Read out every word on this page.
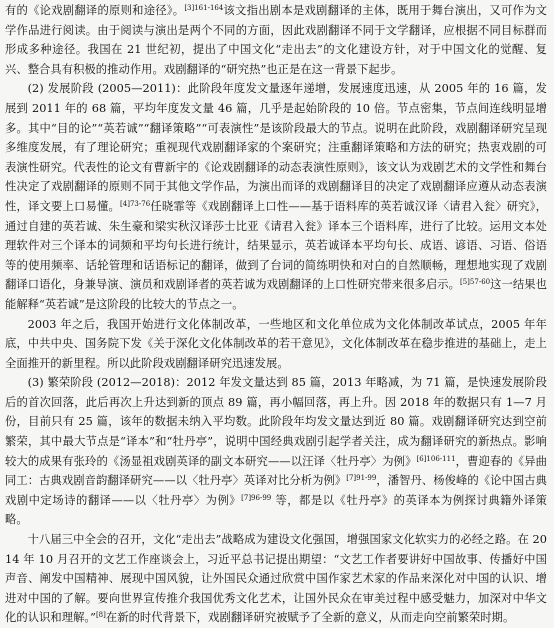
有的《论戏剧翻译的原则和途径》。$^{[3]161-164}$该文指出剧本是戏剧翻译的主体，既用于舞台演出，又可作为文学作品进行阅读。由于阅读与演出是两个不同的方面，因此戏剧翻译不同于文学翻译，应根据不同目标群而形成多种途径。我国在 21 世纪初，提出了中国文化“走出去”的文化建设方针，对于中国文化的觉醒、复兴、整合具有积极的推动作用。戏剧翻译的“研究热”也正是在这一背景下起步。

(2) 发展阶段 (2005—2011)：此阶段年度发文量逐年递增，发展速度迅速，从 2005 年的 16 篇，发展到 2011 年的 68 篇，平均年度发文量 46 篇，几乎是起始阶段的 10 倍。节点密集，节点间连线明显增多。其中“目的论”“英若诚”“翻译策略”“可表演性”是该阶段最大的节点。说明在此阶段，戏剧翻译研究呈现多维度发展，有了理论研究；重视现代戏剧翻译家的个案研究；注重翻译策略和方法的研究；热衷戏剧的可表演性研究。代表性的论文有曹新宇的《论戏剧翻译的动态表演性原则》，该文认为戏剧艺术的文学性和舞台性决定了戏剧翻译的原则不同于其他文学作品，为演出而译的戏剧翻译目的决定了戏剧翻译应遵从动态表演性，译文要上口易懂。$^{[4]73-76}$任晓霏等《戏剧翻译上口性——基于语料库的英若诚汉译〈请君入瓮〉研究》，通过自建的英若诚、朱生豪和梁实秋汉译莎士比亚《请君入瓮》译本三个语料库，进行了比较。运用文本处理软件对三个译本的词频和平均句长进行统计，结果显示，英若诚译本平均句长、成语、谚语、习语、俗语等的使用频率、话轮管理和话语标记的翻译，做到了台词的简练明快和对白的自然顺畅，理想地实现了戏剧翻译口语化，身兼导演、演员和戏剧译者的英若诚为戏剧翻译的上口性研究带来很多启示。$^{[5]57-60}$这一结果也能解释“英若诚”是这阶段的比较大的节点之一。

2003 年之后，我国开始进行文化体制改革，一些地区和文化单位成为文化体制改革试点，2005 年年底，中共中央、国务院下发《关于深化文化体制改革的若干意见》，文化体制改革在稳步推进的基础上，走上全面推开的新里程。所以此阶段戏剧翻译研究迅速发展。

(3) 繁荣阶段 (2012—2018)：2012 年发文量达到 85 篇，2013 年略减，为 71 篇，是快速发展阶段后的首次回落，此后再次上升达到新的顶点 89 篇，再小幅回落，再上升。因 2018 年的数据只有 1—7 月份，目前只有 25 篇，该年的数据未纳入平均数。此阶段年均发文量达到近 80 篇。戏剧翻译研究达到空前繁荣，其中最大节点是“译本”和“牡丹亭”，说明中国经典戏剧引起学者关注，成为翻译研究的新热点。影响较大的成果有张玲的《汤显祖戏剧英译的副文本研究——以汪译〈牡丹亭〉为例》$^{[6]106-111}$，曹迎春的《异曲同工：古典戏剧音韵翻译研究——以〈牡丹亭〉英译对比分析为例》$^{[7]91-99}$，潘智丹、杨俊峰的《论中国古典戏剧中定场诗的翻译——以〈牡丹亭〉为例》$^{[7]96-99}$ 等，都是以《牡丹亭》的英译本为例探讨典籍外译策略。

十八届三中全会的召开，文化“走出去”战略成为建设文化强国，增强国家文化软实力的必经之路。在 2014 年 10 月召开的文艺工作座谈会上，习近平总书记提出期望：“文艺工作者要讲好中国故事、传播好中国声音、阐发中国精神、展现中国风貌，让外国民众通过欣赏中国作家艺术家的作品来深化对中国的认识、增进对中国的了解。要向世界宣传推介我国优秀文化艺术，让国外民众在审美过程中感受魅力，加深对中华文化的认识和理解。”[8]在新的时代背景下，戏剧翻译研究被赋予了全新的意义，从而走向空前繁荣时期。
